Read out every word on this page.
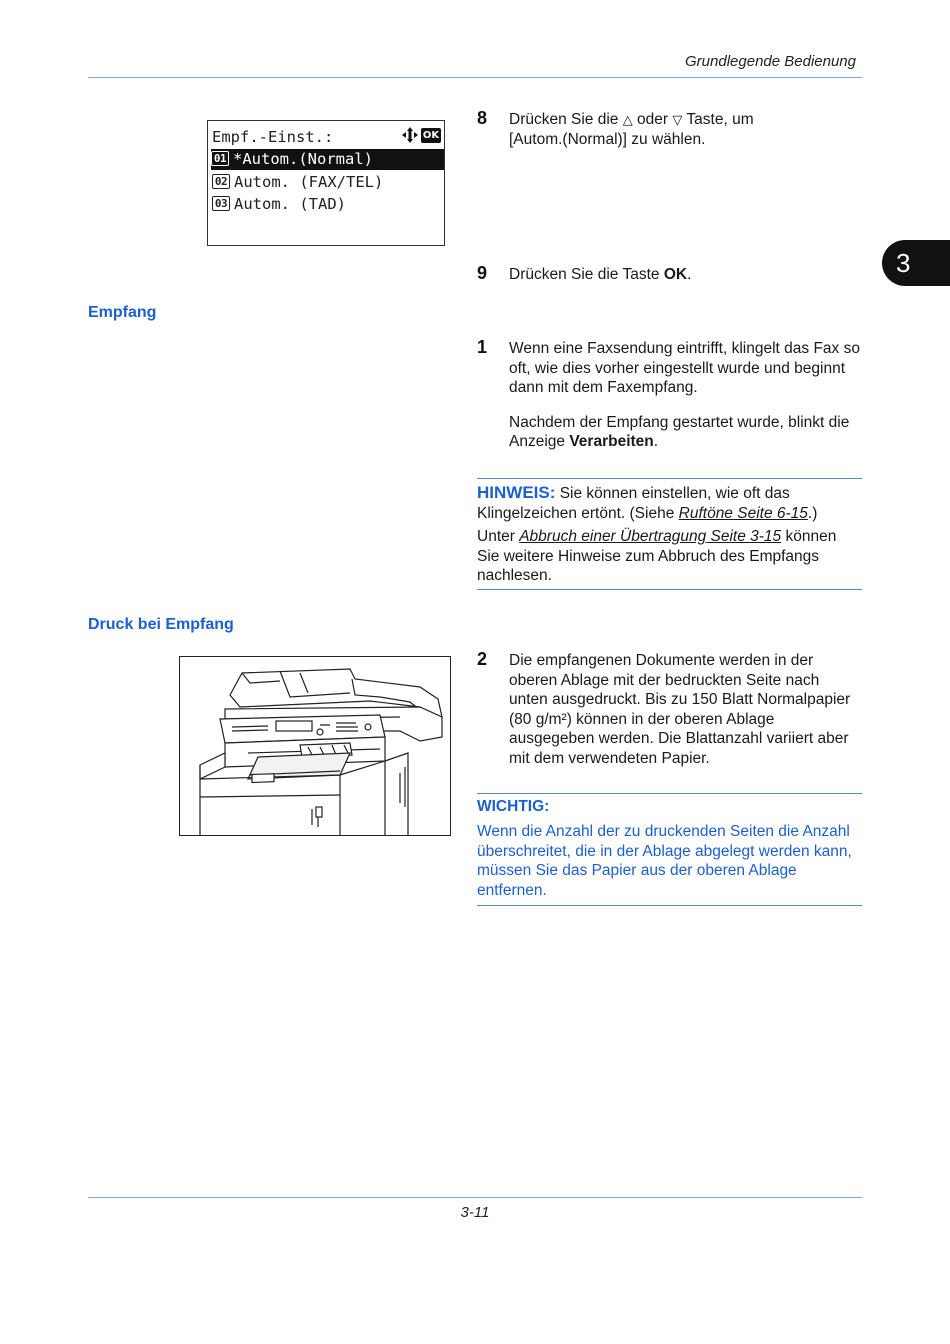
Grundlegende Bedienung
3
Empf.-Einst.:	OK
01 *Autom.(Normal)
02 Autom. (FAX/TEL)
03 Autom. (TAD)
8 Drücken Sie die △ oder ▽ Taste, um
[Autom.(Normal)] zu wählen.
9 Drücken Sie die Taste OK.
Empfang
1 Wenn eine Faxsendung eintrifft, klingelt das Fax so oft, wie dies vorher eingestellt wurde und beginnt dann mit dem Faxempfang.
Nachdem der Empfang gestartet wurde, blinkt die Anzeige Verarbeiten.

HINWEIS: Sie können einstellen, wie oft das Klingelzeichen ertönt. (Siehe Ruftöne Seite 6-15.)

Unter Abbruch einer Übertragung Seite 3-15 können Sie weitere Hinweise zum Abbruch des Empfangs nachlesen.

Druck bei Empfang
2 Die empfangenen Dokumente werden in der oberen Ablage mit der bedruckten Seite nach unten ausgedruckt. Bis zu 150 Blatt Normalpapier (80 g/m²) können in der oberen Ablage ausgegeben werden. Die Blattanzahl variiert aber mit dem verwendeten Papier.
WICHTIG:

Wenn die Anzahl der zu druckenden Seiten die Anzahl überschreitet, die in der Ablage abgelegt werden kann, müssen Sie das Papier aus der oberen Ablage entfernen.

3-11
